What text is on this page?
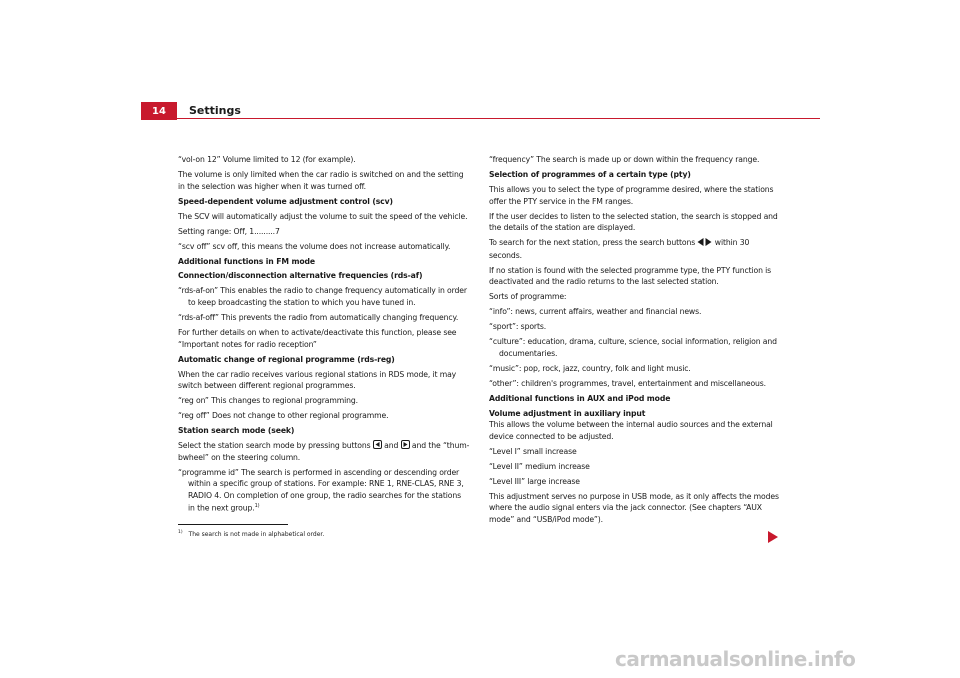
14	Settings

“vol-on 12” Volume limited to 12 (for example).

The volume is only limited when the car radio is switched on and the setting in the selection was higher when it was turned off.

Speed-dependent volume adjustment control (scv)

The SCV will automatically adjust the volume to suit the speed of the vehicle.

Setting range: Off, 1.........7

“scv off” scv off, this means the volume does not increase automatically.

Additional functions in FM mode

Connection/disconnection alternative frequencies (rds-af)

“rds-af-on” This enables the radio to change frequency automatically in order to keep broadcasting the station to which you have tuned in.

“rds-af-off” This prevents the radio from automatically changing frequency.

For further details on when to activate/deactivate this function, please see “Important notes for radio reception”

Automatic change of regional programme (rds-reg)

When the car radio receives various regional stations in RDS mode, it may switch between different regional programmes.

“reg on” This changes to regional programming.

“reg off” Does not change to other regional programme.

Station search mode (seek)

Select the station search mode by pressing buttons
and
and the “thum-bwheel” on the steering column.

“programme id” The search is performed in ascending or descending order within a specific group of stations. For example: RNE 1, RNE-CLAS, RNE 3, RADIO 4. On completion of one group, the radio searches for the stations in the next group.$^{1)}$

“frequency” The search is made up or down within the frequency range.

Selection of programmes of a certain type (pty)

This allows you to select the type of programme desired, where the stations offer the PTY service in the FM ranges.

If the user decides to listen to the selected station, the search is stopped and the details of the station are displayed.

To search for the next station, press the search buttons  within 30 seconds.

If no station is found with the selected programme type, the PTY function is deactivated and the radio returns to the last selected station.

Sorts of programme:

“info”: news, current affairs, weather and financial news.

“sport”: sports.

“culture”: education, drama, culture, science, social information, religion and documentaries.

“music”: pop, rock, jazz, country, folk and light music.

“other”: children's programmes, travel, entertainment and miscellaneous.

Additional functions in AUX and iPod mode

Volume adjustment in auxiliary input

This allows the volume between the internal audio sources and the external device connected to be adjusted.

“Level I” small increase

“Level II” medium increase

“Level III” large increase

This adjustment serves no purpose in USB mode, as it only affects the modes where the audio signal enters via the jack connector. (See chapters “AUX mode” and “USB/iPod mode”).

$^{1)}$ The search is not made in alphabetical order.
carmanualsonline.info
